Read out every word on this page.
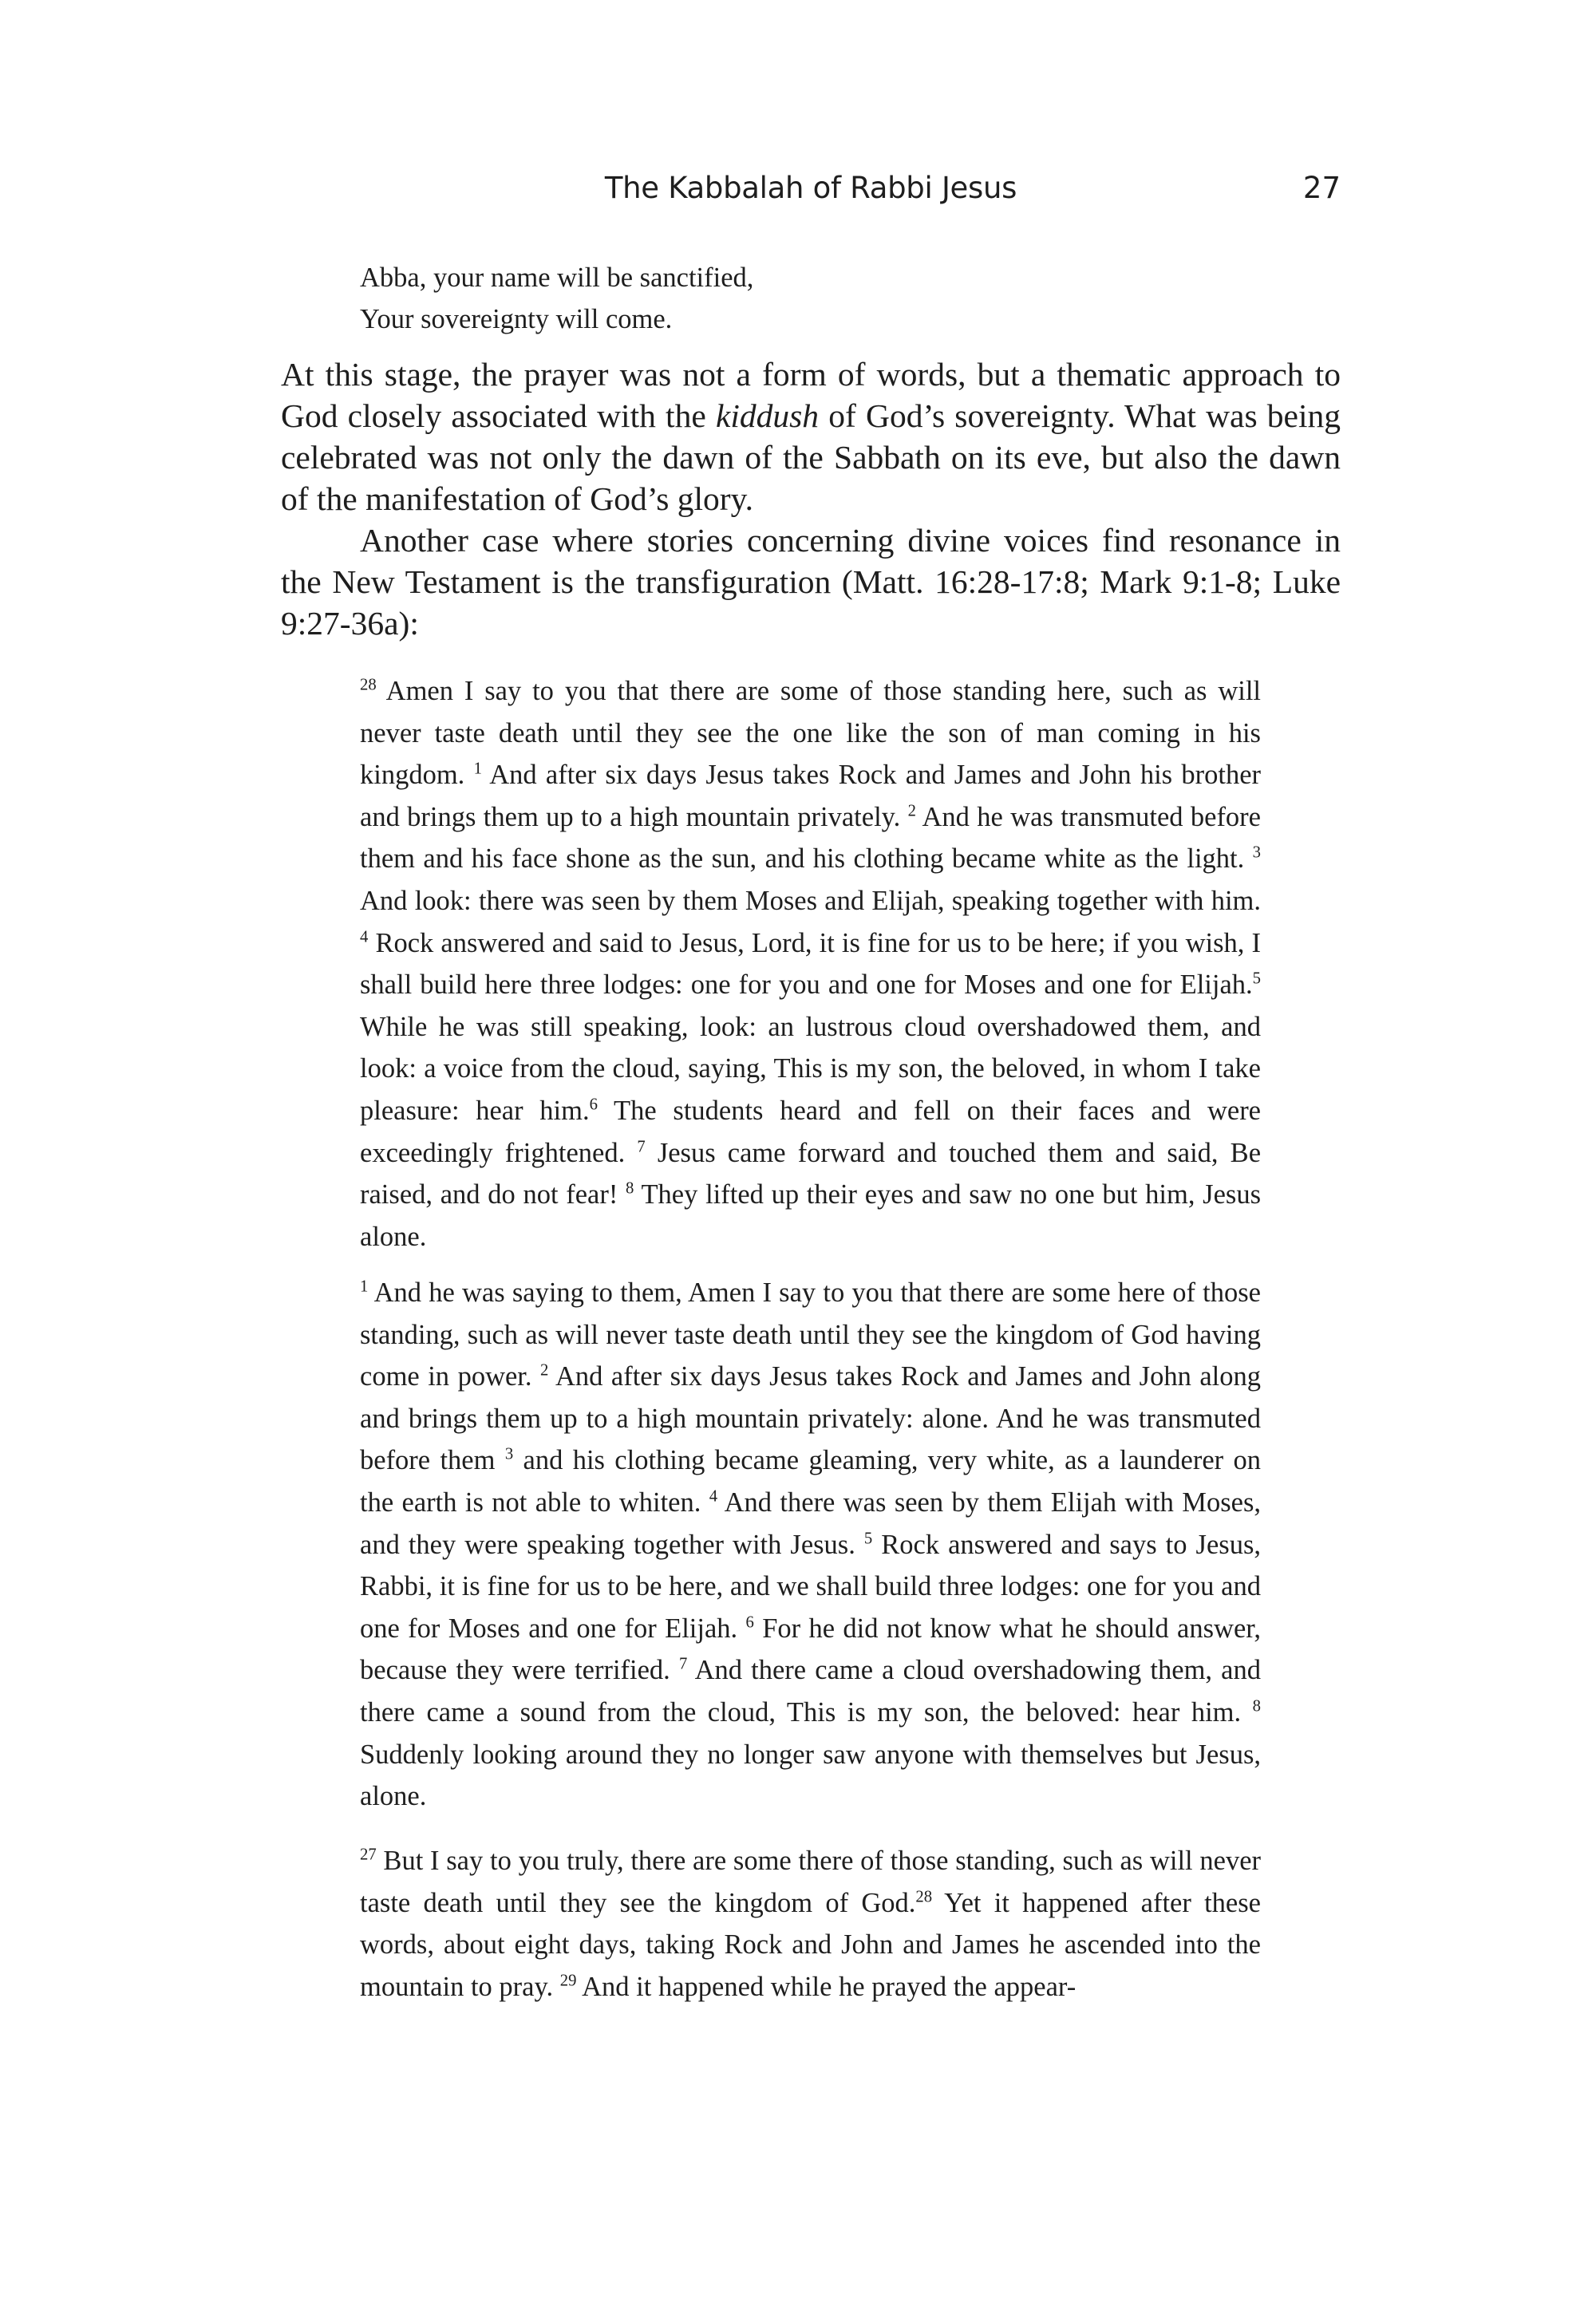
The Kabbalah of Rabbi Jesus	27
Abba, your name will be sanctified,
Your sovereignty will come.

At this stage, the prayer was not a form of words, but a thematic approach to God closely associated with the kiddush of God’s sovereignty. What was being celebrated was not only the dawn of the Sabbath on its eve, but also the dawn of the manifestation of God’s glory.

Another case where stories concerning divine voices find resonance in the New Testament is the transfiguration (Matt. 16:28-17:8; Mark 9:1-8; Luke 9:27-36a):

$^{28}$ Amen I say to you that there are some of those standing here, such as will never taste death until they see the one like the son of man coming in his kingdom. $^1$ And after six days Jesus takes Rock and James and John his brother and brings them up to a high mountain privately. $^2$ And he was transmuted before them and his face shone as the sun, and his clothing became white as the light. $^3$ And look: there was seen by them Moses and Elijah, speaking together with him. $^4$ Rock answered and said to Jesus, Lord, it is fine for us to be here; if you wish, I shall build here three lodges: one for you and one for Moses and one for Elijah.$^5$ While he was still speaking, look: an lustrous cloud overshadowed them, and look: a voice from the cloud, saying, This is my son, the beloved, in whom I take pleasure: hear him.$^6$ The students heard and fell on their faces and were exceedingly frightened. $^7$ Jesus came forward and touched them and said, Be raised, and do not fear! $^8$ They lifted up their eyes and saw no one but him, Jesus alone.
$^1$ And he was saying to them, Amen I say to you that there are some here of those standing, such as will never taste death until they see the kingdom of God having come in power. $^2$ And after six days Jesus takes Rock and James and John along and brings them up to a high mountain privately: alone. And he was transmuted before them $^3$ and his clothing became gleaming, very white, as a launderer on the earth is not able to whiten. $^4$ And there was seen by them Elijah with Moses, and they were speaking together with Jesus. $^5$ Rock answered and says to Jesus, Rabbi, it is fine for us to be here, and we shall build three lodges: one for you and one for Moses and one for Elijah. $^6$ For he did not know what he should answer, because they were terrified. $^7$ And there came a cloud overshadowing them, and there came a sound from the cloud, This is my son, the beloved: hear him. $^8$ Suddenly looking around they no longer saw anyone with themselves but Jesus, alone.
$^{27}$ But I say to you truly, there are some there of those standing, such as will never taste death until they see the kingdom of God.$^{28}$ Yet it happened after these words, about eight days, taking Rock and John and James he ascended into the mountain to pray. $^{29}$ And it happened while he prayed the appear-
